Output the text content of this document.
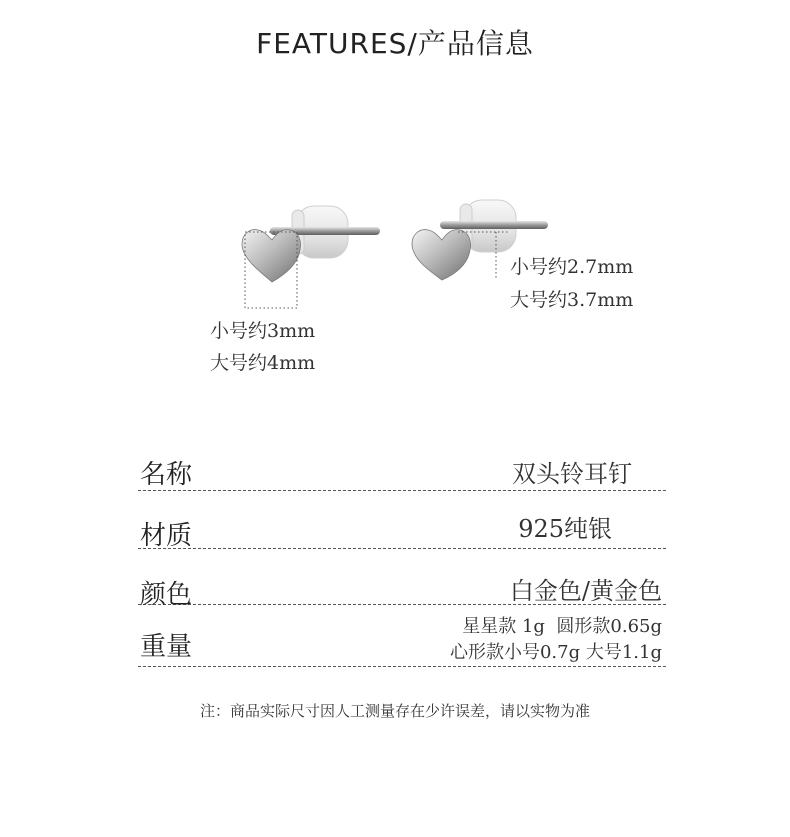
FEATURES/产品信息
小号约3mm
大号约4mm
小号约2.7mm
大号约3.7mm
名称	双头铃耳钉
材质	925纯银
颜色	白金色/黄金色
重量
星星款 1g  圆形款0.65g
心形款小号0.7g 大号1.1g
注：商品实际尺寸因人工测量存在少许误差，请以实物为准
